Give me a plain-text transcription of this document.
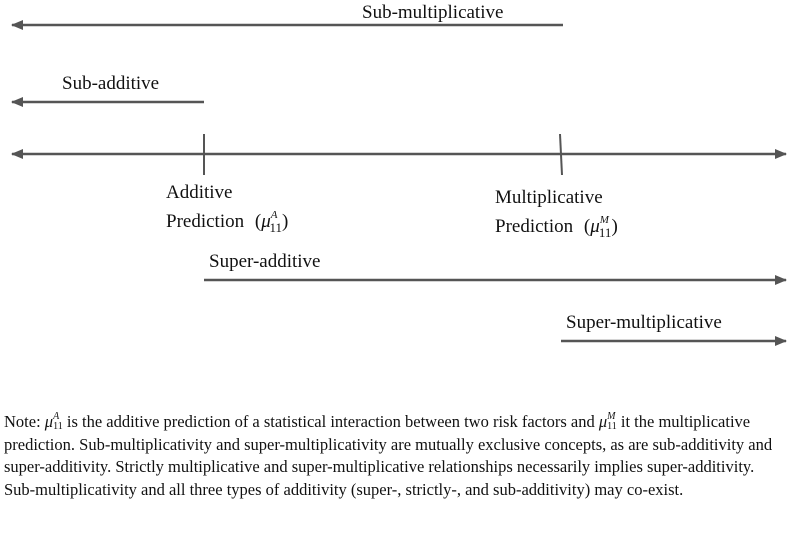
Sub-multiplicative
Sub-additive
Additive
Prediction ($\mu^A$ 11)
Multiplicative
Prediction ($\mu^M$ 11)
Super-additive
Super-multiplicative

Note: μ A
11 is the additive prediction of a statistical interaction between two risk factors and μ M
11 it the multiplicative prediction. Sub-multiplicativity and super-multiplicativity are mutually exclusive concepts, as are sub-additivity and super-additivity. Strictly multiplicative and super-multiplicative relationships necessarily implies super-additivity. Sub-multiplicativity and all three types of additivity (super-, strictly-, and sub-additivity) may co-exist.
